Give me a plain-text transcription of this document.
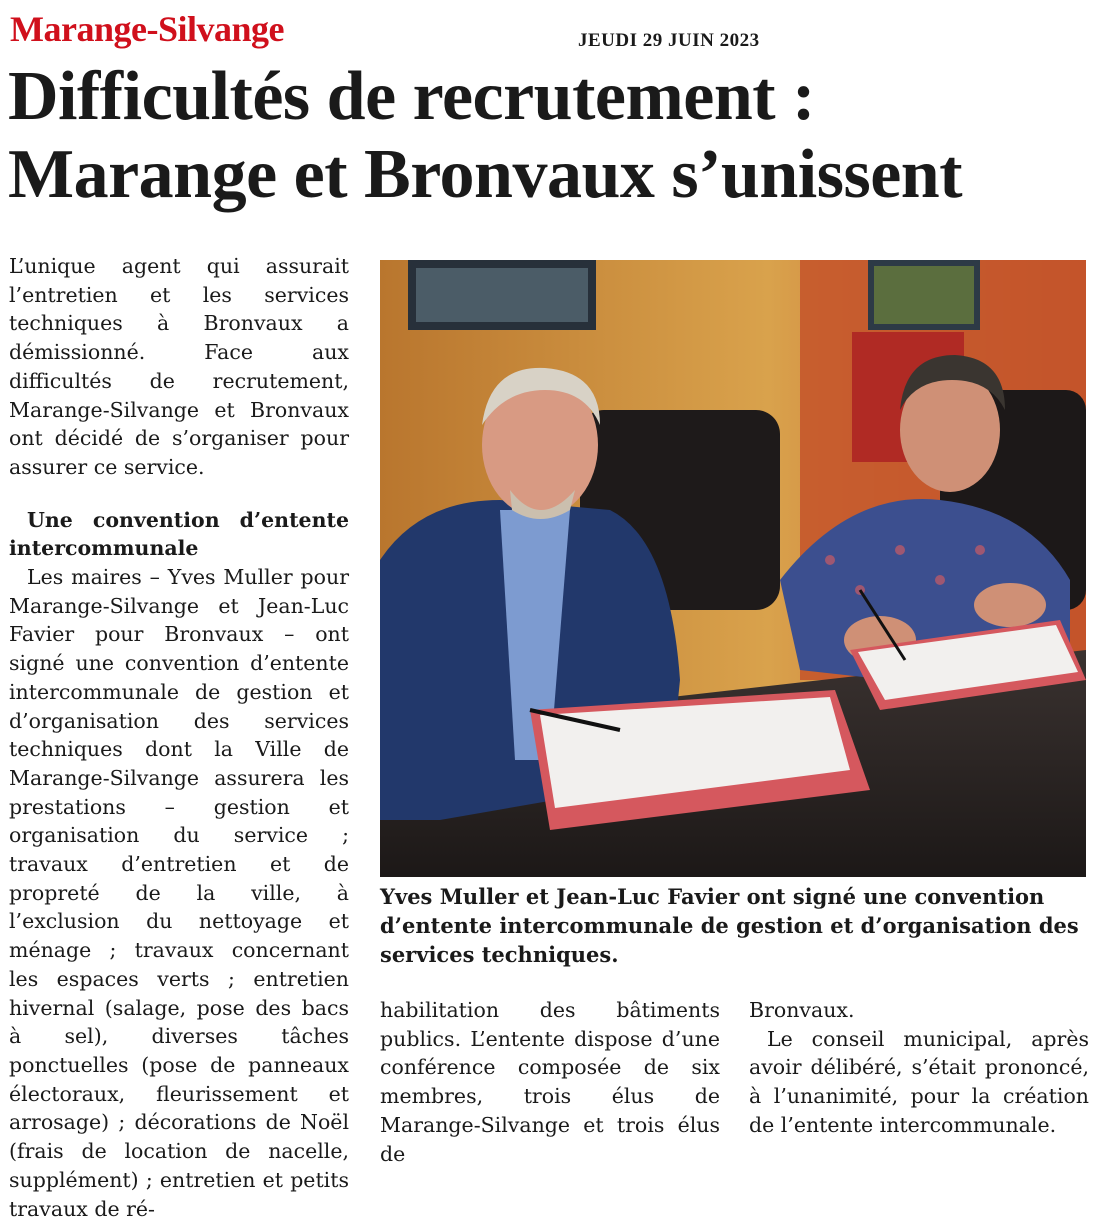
Marange-Silvange	JEUDI 29 JUIN 2023
Difficultés de recrutement :
Marange et Bronvaux s’unissent

L’unique agent qui assurait l’entretien et les services techniques à Bronvaux a démissionné. Face aux difficultés de recrutement, Marange-Silvange et Bronvaux ont décidé de s’organiser pour assurer ce service.

Une convention d’entente intercommunale

Les maires – Yves Muller pour Marange-Silvange et Jean-Luc Favier pour Bronvaux – ont signé une convention d’entente intercommunale de gestion et d’organisation des services techniques dont la Ville de Marange-Silvange assurera les prestations – gestion et organisation du service ; travaux d’entretien et de propreté de la ville, à l’exclusion du nettoyage et ménage ; travaux concernant les espaces verts ; entretien hivernal (salage, pose des bacs à sel), diverses tâches ponctuelles (pose de panneaux électoraux, fleurissement et arrosage) ; décorations de Noël (frais de location de nacelle, supplément) ; entretien et petits travaux de ré-

Yves Muller et Jean-Luc Favier ont signé une convention d’entente intercommunale de gestion et d’organisation des services techniques.

habilitation des bâtiments publics. L’entente dispose d’une conférence composée de six membres, trois élus de Marange-Silvange et trois élus de

Bronvaux.

Le conseil municipal, après avoir délibéré, s’était prononcé, à l’unanimité, pour la création de l’entente intercommunale.
